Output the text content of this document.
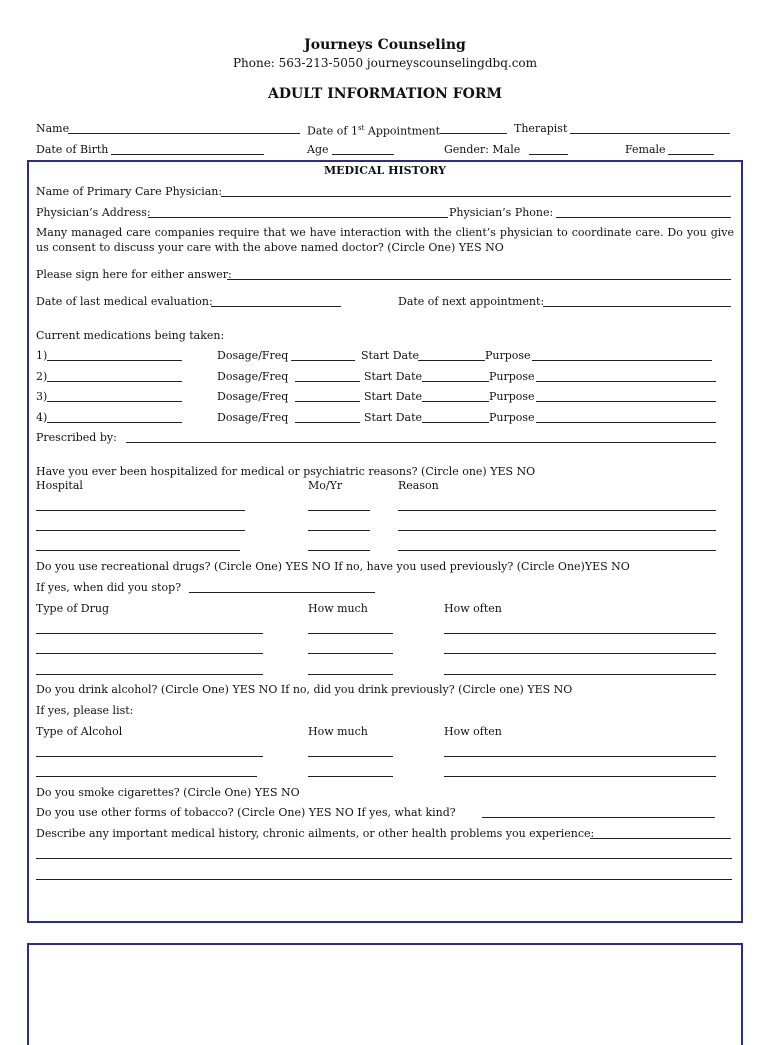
Journeys Counseling
Phone: 563-213-5050 journeyscounselingdbq.com
ADULT INFORMATION FORM
Name	Date of 1st Appointment	Therapist
Date of Birth	Age	Gender: Male	Female
MEDICAL HISTORY
Name of Primary Care Physician:
Physician’s Address:	Physician’s Phone:
Many managed care companies require that we have interaction with the client’s physician to coordinate care. Do you give us consent to discuss your care with the above named doctor? (Circle One) YES NO
Please sign here for either answer:
Date of last medical evaluation:	Date of next appointment:
Current medications being taken:
1)	Dosage/Freq	Start Date	Purpose
2)	Dosage/Freq	Start Date	Purpose
3)	Dosage/Freq	Start Date	Purpose
4)	Dosage/Freq	Start Date	Purpose
Prescribed by:
Have you ever been hospitalized for medical or psychiatric reasons? (Circle one) YES NO
Hospital	Mo/Yr	Reason
Do you use recreational drugs? (Circle One) YES NO If no, have you used previously? (Circle One)YES NO
If yes, when did you stop?
Type of Drug	How much	How often
Do you drink alcohol? (Circle One) YES NO If no, did you drink previously? (Circle one) YES NO
If yes, please list:
Type of Alcohol	How much	How often
Do you smoke cigarettes? (Circle One) YES NO
Do you use other forms of tobacco? (Circle One) YES NO If yes, what kind?
Describe any important medical history, chronic ailments, or other health problems you experience:
